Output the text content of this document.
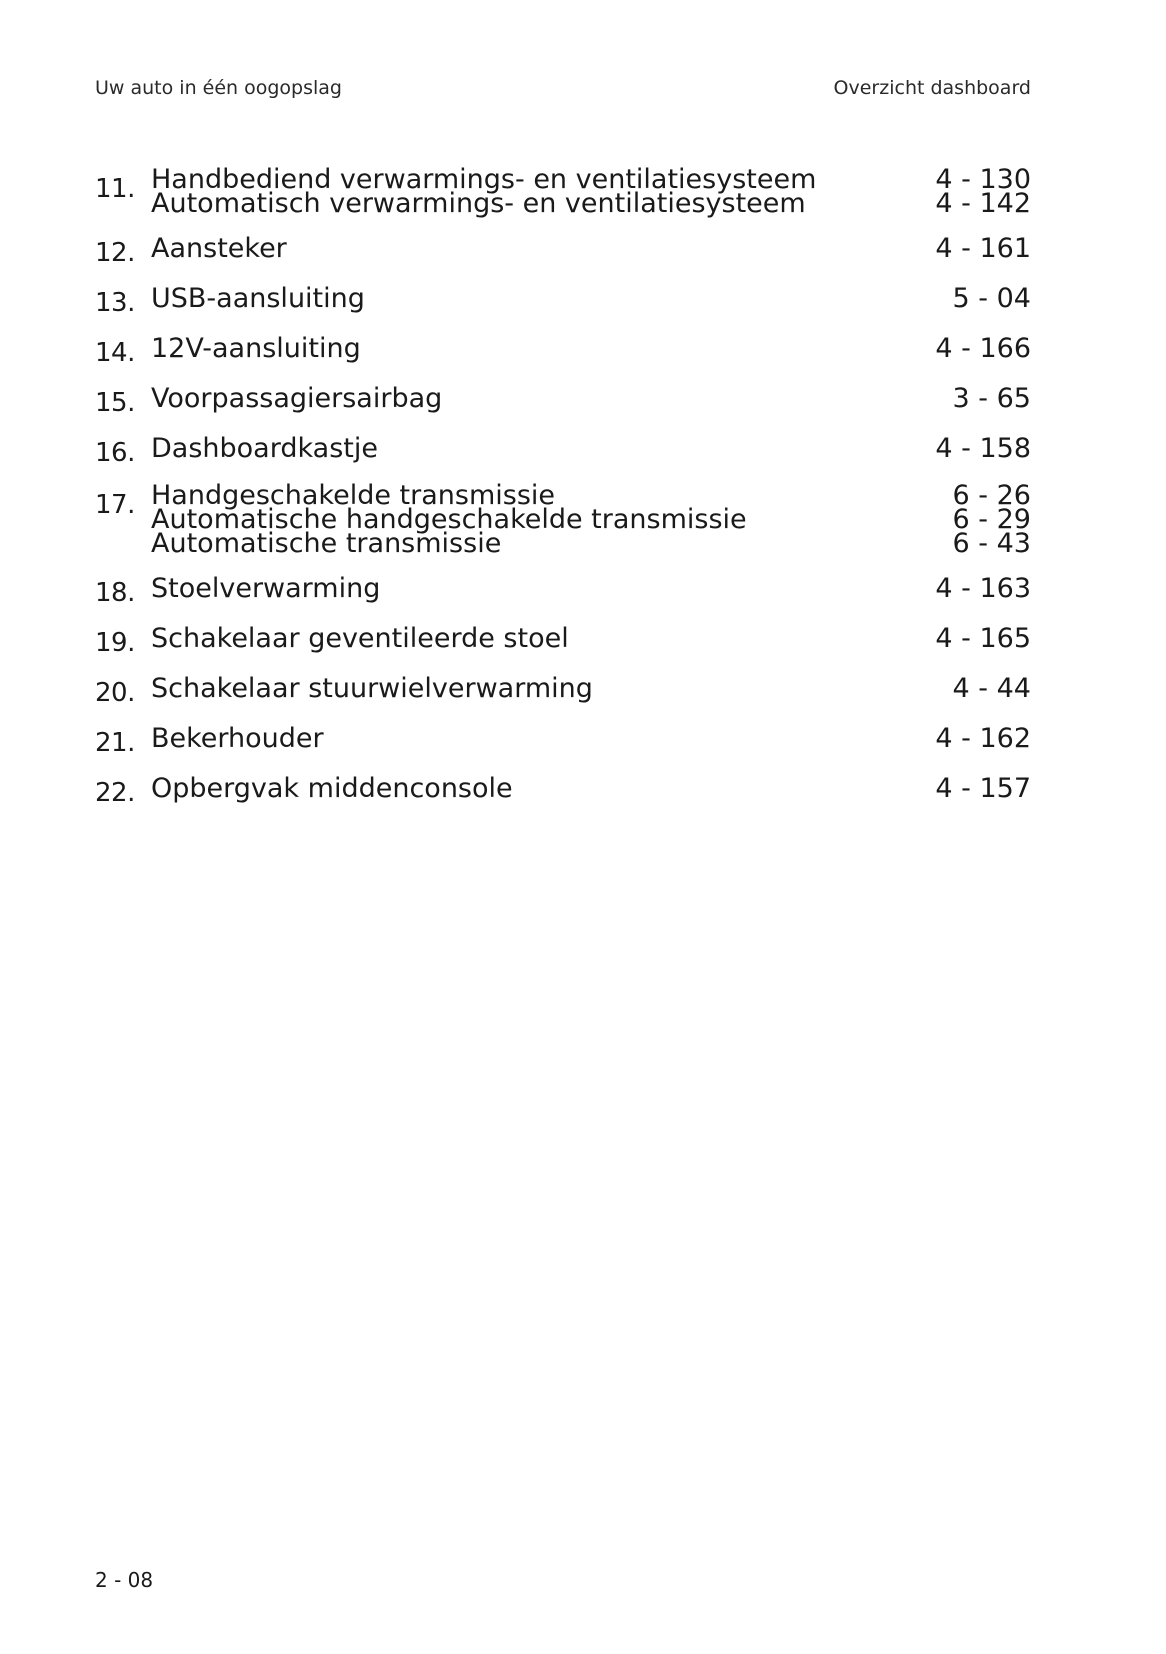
Uw auto in één oogopslag	Overzicht dashboard
11. Handbediend verwarmings- en ventilatiesysteem	4 - 130
Automatisch verwarmings- en ventilatiesysteem	4 - 142
12. Aansteker	4 - 161
13. USB-aansluiting	5 - 04
14. 12V-aansluiting	4 - 166
15. Voorpassagiersairbag	3 - 65
16. Dashboardkastje	4 - 158
17. Handgeschakelde transmissie	6 - 26
Automatische handgeschakelde transmissie	6 - 29
Automatische transmissie	6 - 43
18. Stoelverwarming	4 - 163
19. Schakelaar geventileerde stoel	4 - 165
20. Schakelaar stuurwielverwarming	4 - 44
21. Bekerhouder	4 - 162
22. Opbergvak middenconsole	4 - 157
2 - 08
